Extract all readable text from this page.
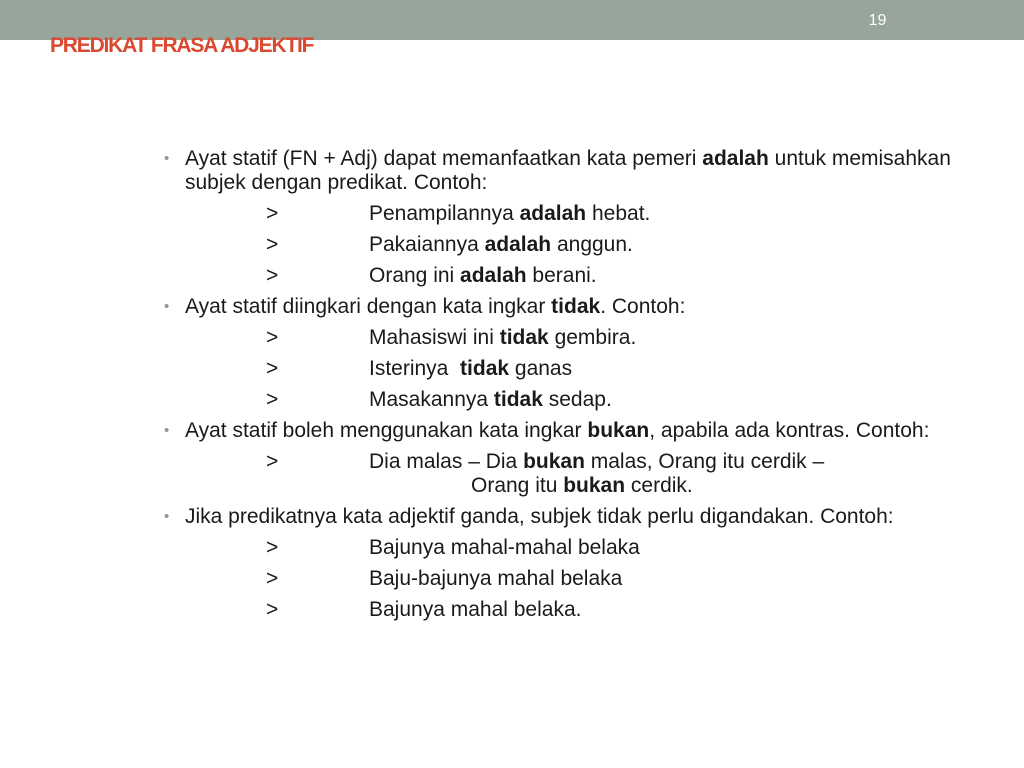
19
PREDIKAT FRASA ADJEKTIF
• Ayat statif (FN + Adj) dapat memanfaatkan kata pemeri adalah untuk memisahkan subjek dengan predikat. Contoh:
>	Penampilannya adalah hebat.
>	Pakaiannya adalah anggun.
>	Orang ini adalah berani.
• Ayat statif diingkari dengan kata ingkar tidak. Contoh:
>	Mahasiswi ini tidak gembira.
>	Isterinya  tidak ganas
>	Masakannya tidak sedap.
• Ayat statif boleh menggunakan kata ingkar bukan, apabila ada kontras. Contoh:
>	Dia malas – Dia bukan malas, Orang itu cerdik –
Orang itu bukan cerdik.
• Jika predikatnya kata adjektif ganda, subjek tidak perlu digandakan. Contoh:
>	Bajunya mahal-mahal belaka
>	Baju-bajunya mahal belaka
>	Bajunya mahal belaka.
